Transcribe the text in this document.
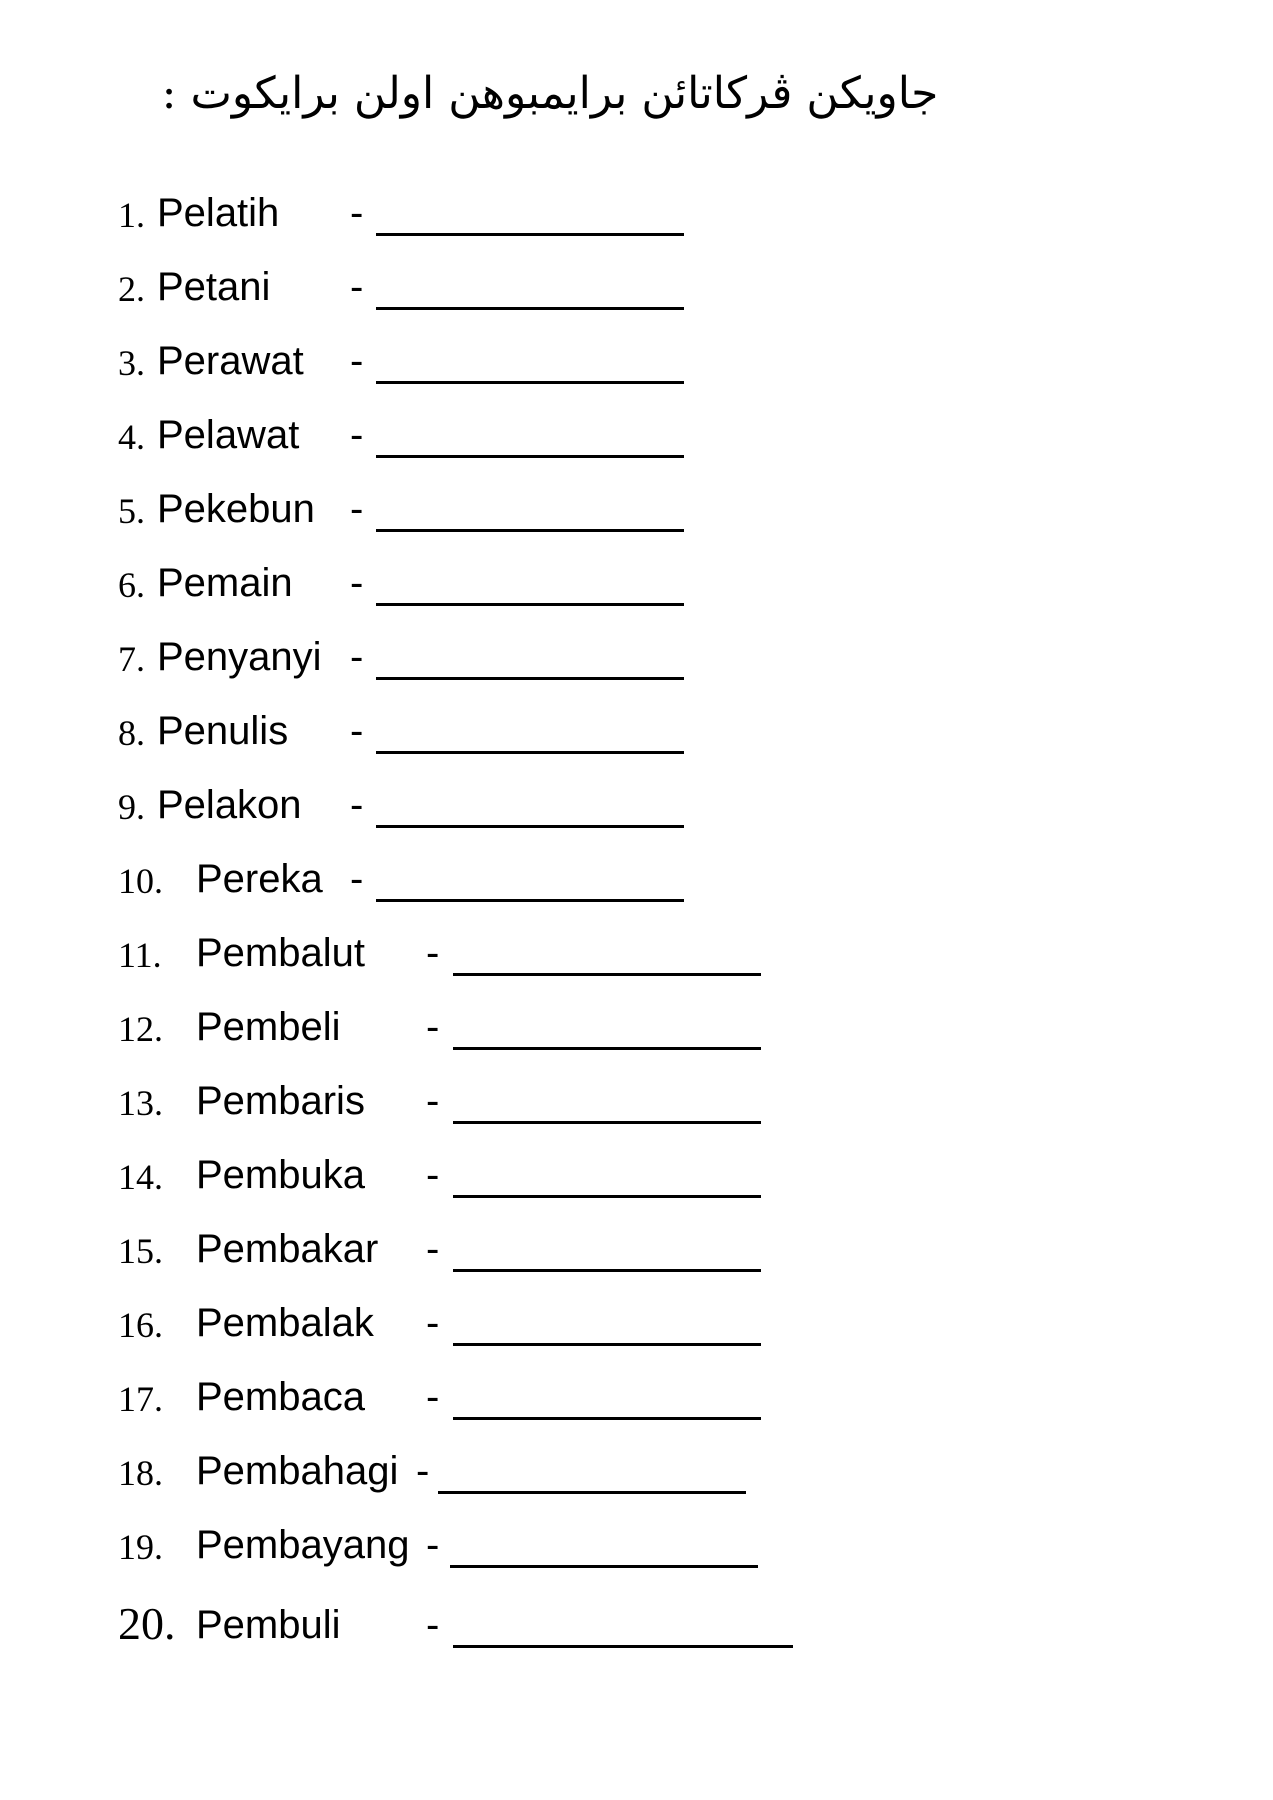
جاويکن ڤرکاتائن برايمبوهن اولن برايکوت :
1. Pelatih -
2. Petani -
3. Perawat -
4. Pelawat -
5. Pekebun -
6. Pemain -
7. Penyanyi -
8. Penulis -
9. Pelakon -
10. Pereka -
11. Pembalut -
12. Pembeli -
13. Pembaris -
14. Pembuka -
15. Pembakar -
16. Pembalak -
17. Pembaca -
18. Pembahagi -
19. Pembayang -
20. Pembuli -
